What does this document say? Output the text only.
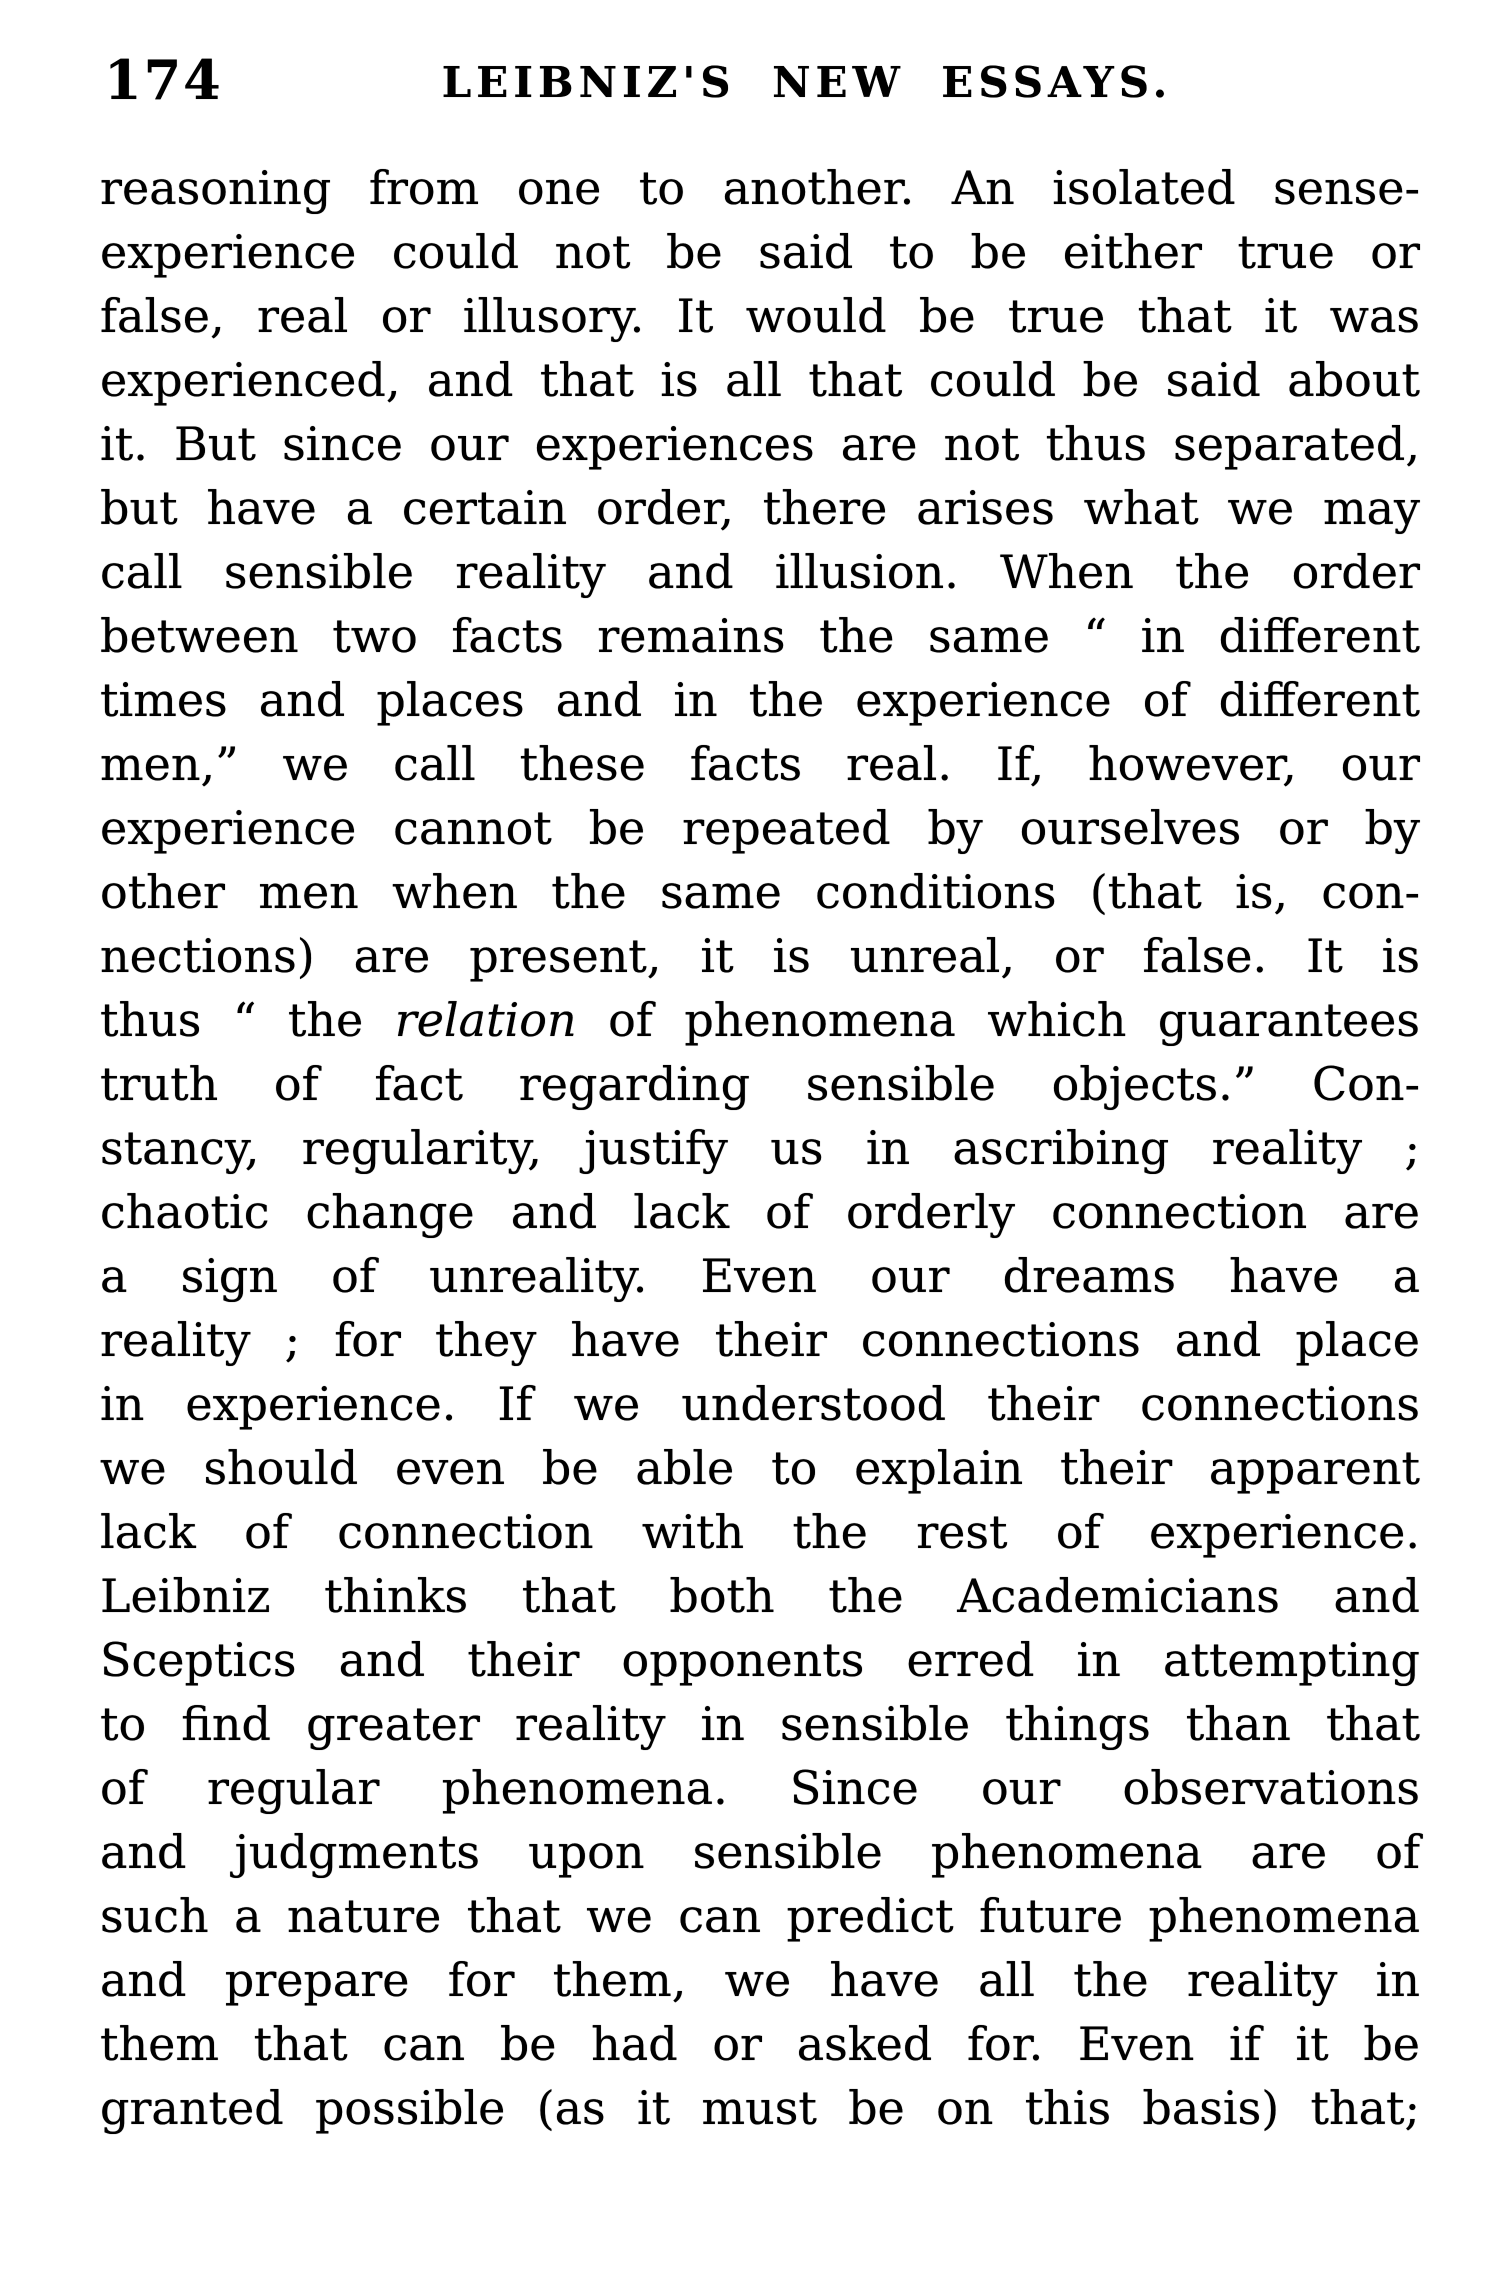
174	LEIBNIZ'S NEW ESSAYS.
reasoning from one to another. An isolated sense-
experience could not be said to be either true or
false, real or illusory. It would be true that it was
experienced, and that is all that could be said about
it. But since our experiences are not thus separated,
but have a certain order, there arises what we may
call sensible reality and illusion. When the order
between two facts remains the same “ in different
times and places and in the experience of different
men,” we call these facts real. If, however, our
experience cannot be repeated by ourselves or by
other men when the same conditions (that is, con-
nections) are present, it is unreal, or false. It is
thus “ the relation of phenomena which guarantees
truth of fact regarding sensible objects.” Con-
stancy, regularity, justify us in ascribing reality ;
chaotic change and lack of orderly connection are
a sign of unreality. Even our dreams have a
reality ; for they have their connections and place
in experience. If we understood their connections
we should even be able to explain their apparent
lack of connection with the rest of experience.
Leibniz thinks that both the Academicians and
Sceptics and their opponents erred in attempting
to find greater reality in sensible things than that
of regular phenomena. Since our observations
and judgments upon sensible phenomena are of
such a nature that we can predict future phenomena
and prepare for them, we have all the reality in
them that can be had or asked for. Even if it be
granted possible (as it must be on this basis) that;
